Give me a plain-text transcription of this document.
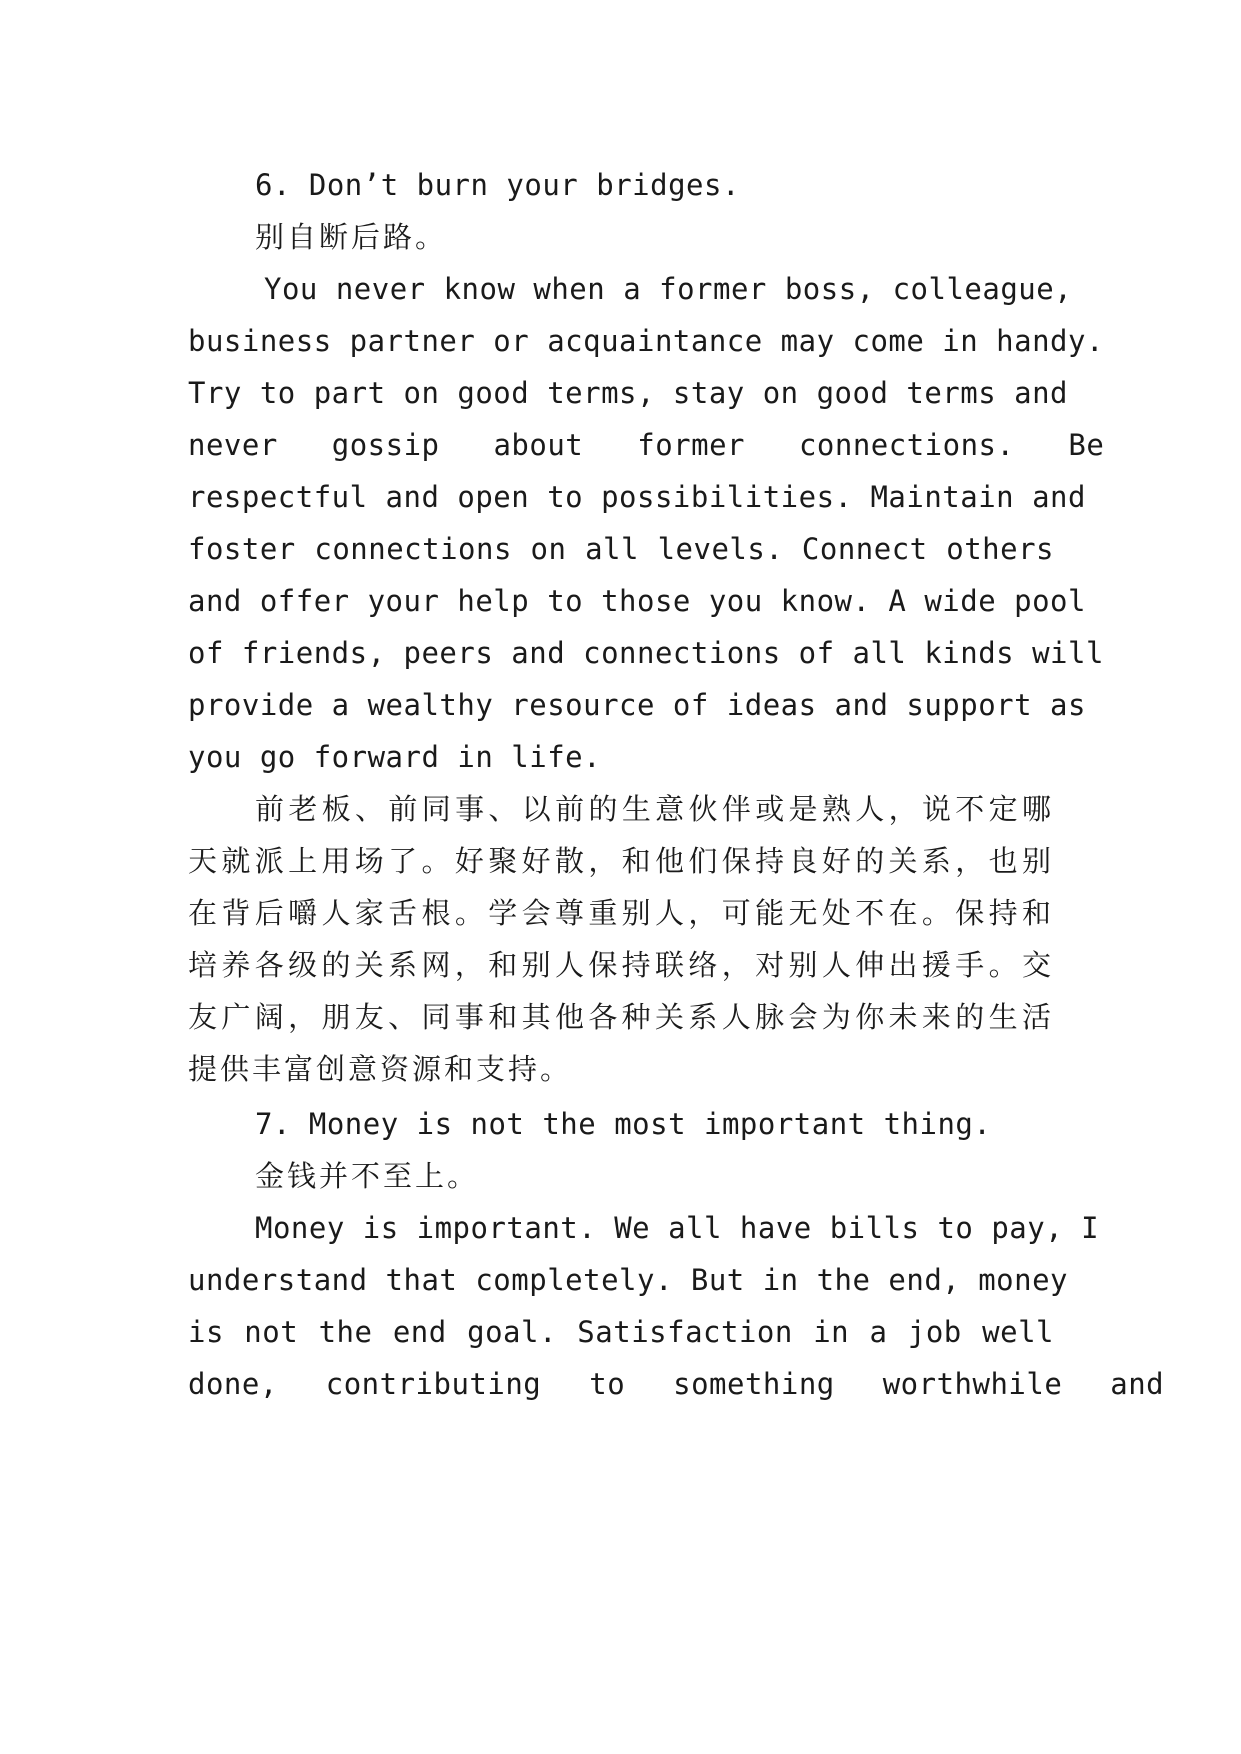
6. Don’t burn your bridges.
别自断后路。
You never know when a former boss, colleague,
business partner or acquaintance may come in handy.
Try to part on good terms, stay on good terms and
never gossip about former connections. Be
respectful and open to possibilities. Maintain and
foster connections on all levels. Connect others
and offer your help to those you know. A wide pool
of friends, peers and connections of all kinds will
provide a wealthy resource of ideas and support as
you go forward in life.
前老板、前同事、以前的生意伙伴或是熟人，说不定哪
天就派上用场了。好聚好散，和他们保持良好的关系，也别
在背后嚼人家舌根。学会尊重别人，可能无处不在。保持和
培养各级的关系网，和别人保持联络，对别人伸出援手。交
友广阔，朋友、同事和其他各种关系人脉会为你未来的生活
提供丰富创意资源和支持。
7. Money is not the most important thing.
金钱并不至上。
Money is important. We all have bills to pay, I
understand that completely. But in the end, money
is not the end goal. Satisfaction in a job well
done, contributing to something worthwhile and
